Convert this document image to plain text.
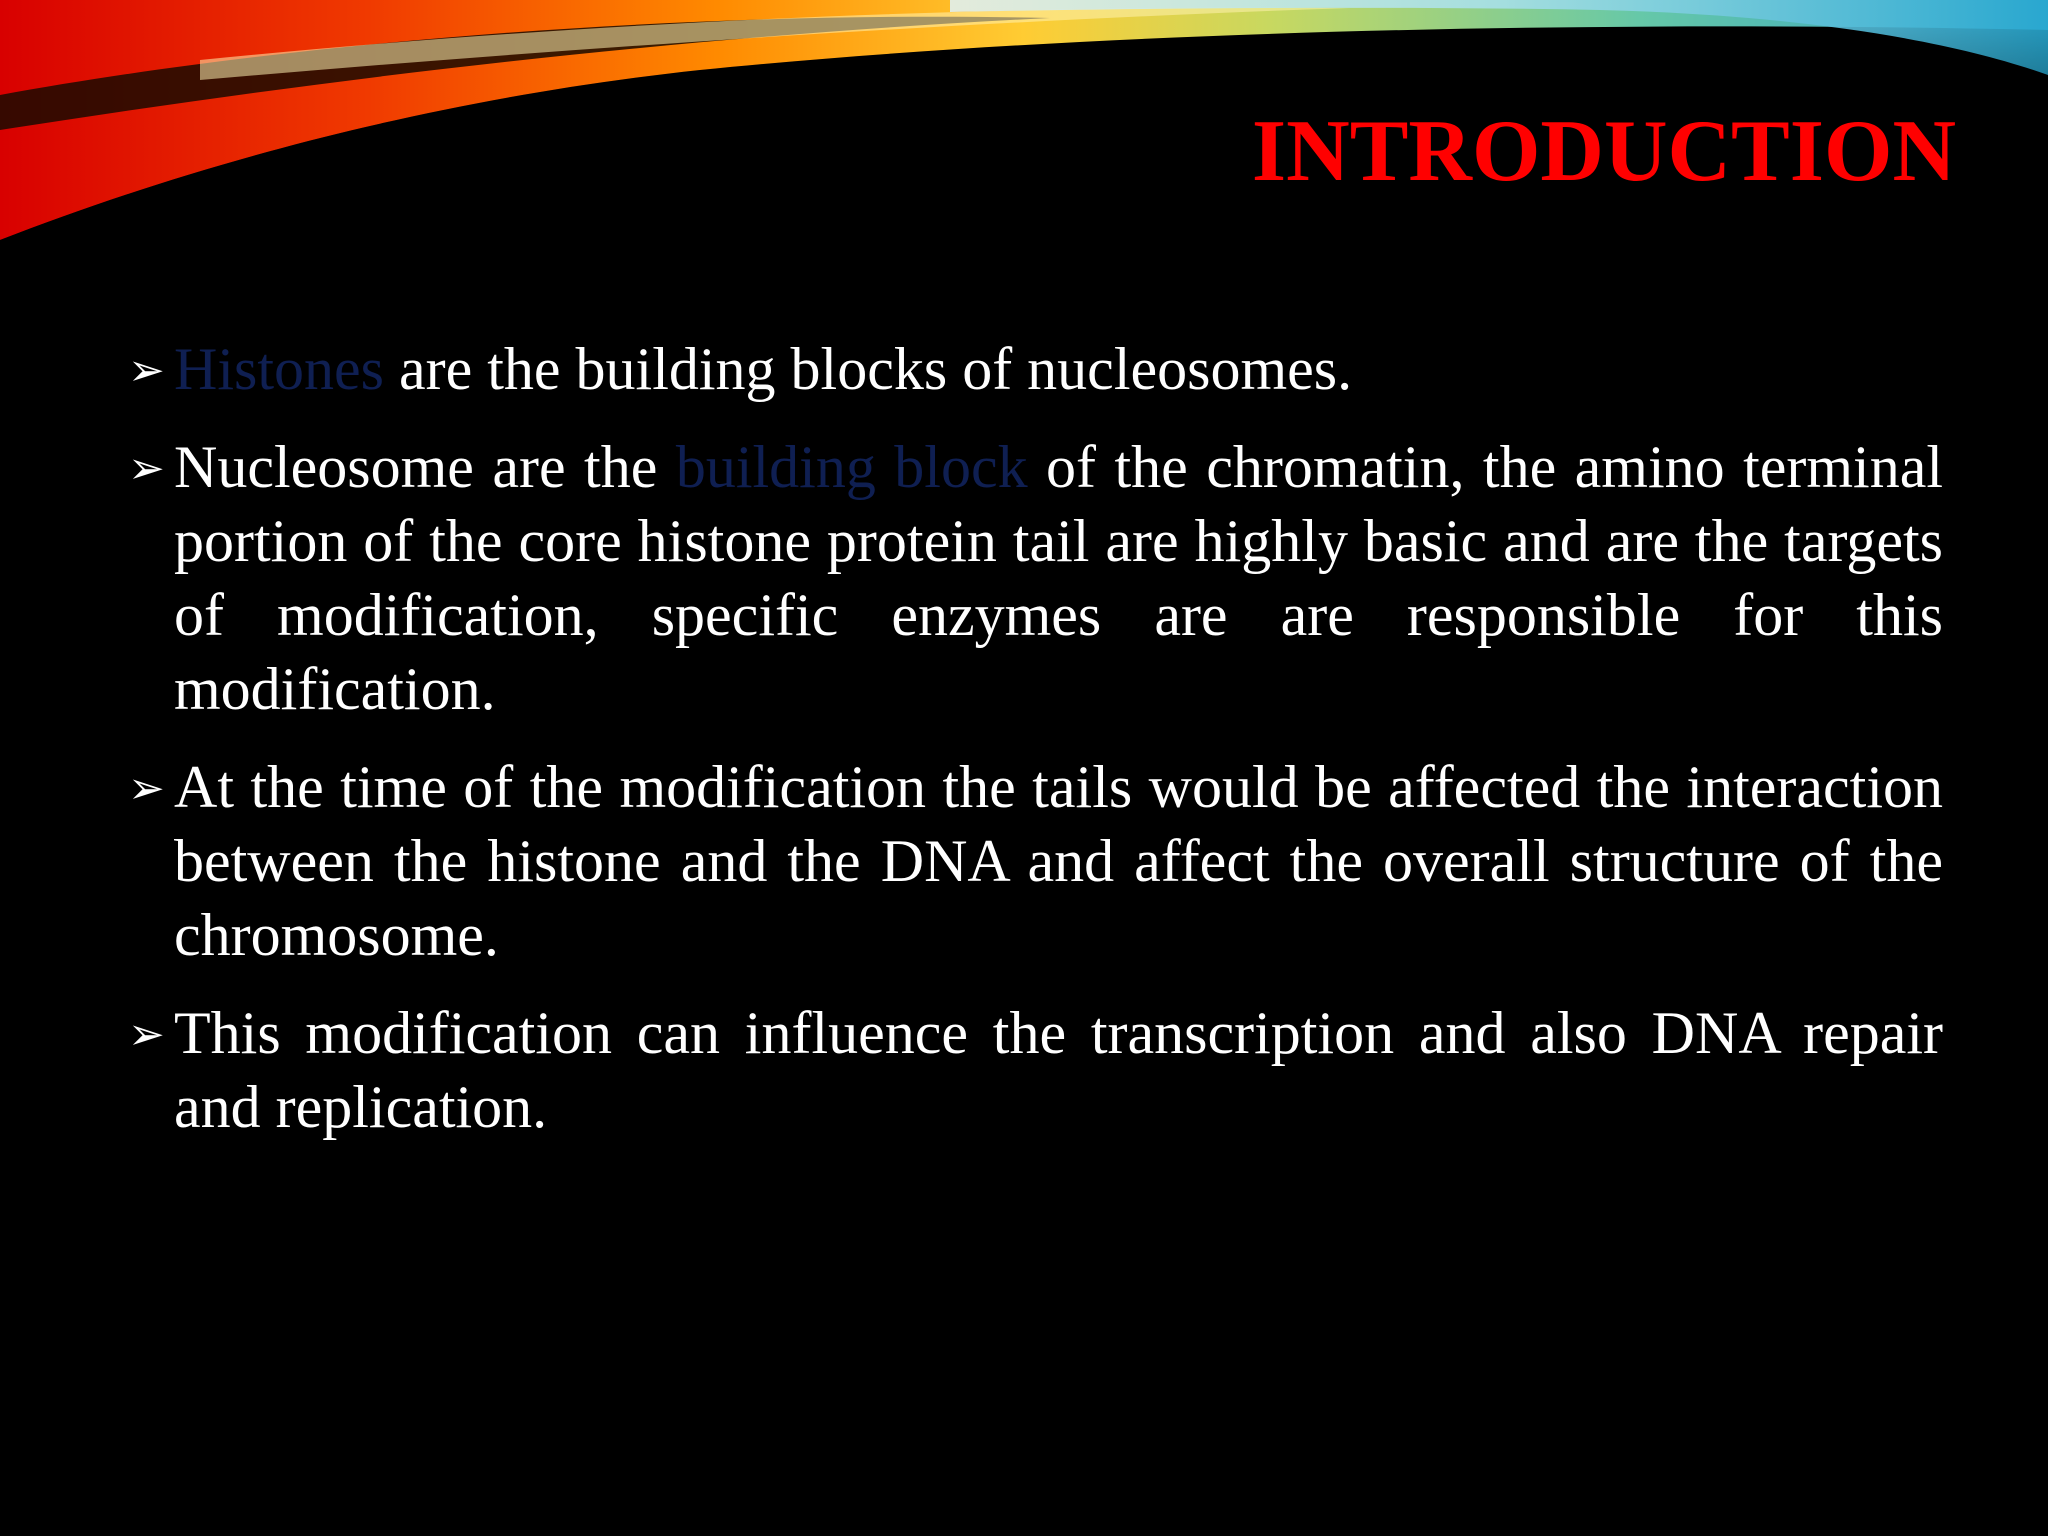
INTRODUCTION
➢ Histones are the building blocks of nucleosomes.
➢ Nucleosome are the building block of the chromatin, the amino terminal portion of the core histone protein tail are highly basic and are the targets of modification, specific enzymes are are responsible for this modification.
➢ At the time of the modification the tails would be affected the interaction between the histone and the DNA and affect the overall structure of the chromosome.
➢ This modification can influence the transcription and also DNA repair and replication.
